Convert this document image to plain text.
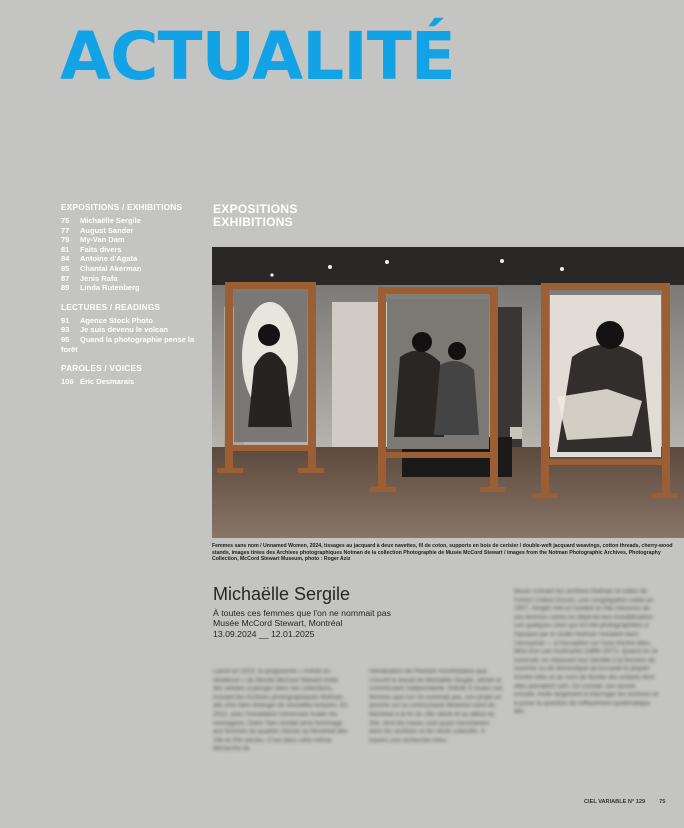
ACTUALITÉ
EXPOSITIONS / EXHIBITIONS
75 Michaëlle Sergile
77 August Sander
79 My-Van Dam
81 Faits divers
84 Antoine d'Agata
85 Chantal Akerman
87 Jenis Rafa
89 Linda Rutenberg
LECTURES / READINGS
91 Agence Stock Photo
93 Je suis devenu le volcan
95 Quand la photographie pense la forêt
PAROLES / VOICES
106 Éric Desmarais
EXPOSITIONS
EXHIBITIONS
Femmes sans nom / Unnamed Women, 2024, tissages au jacquard à deux navettes, fil de coton, supports en bois de cerisier / double-weft jacquard weavings, cotton threads, cherry-wood stands, images tirées des Archives photographiques Notman de la collection Photographie de Musée McCord Stewart / images from the Notman Photographic Archives, Photography Collection, McCord Stewart Museum, photo : Roger Aziz
Michaëlle Sergile
À toutes ces femmes que l'on ne nommait pas
Musée McCord Stewart, Montréal
13.09.2024 __ 12.01.2025
Lancé en 2013, le programme « Artiste en résidence » du Musée McCord Stewart invite des artistes à plonger dans ses collections, incluant les Archives photographiques Notman, afin d'en faire émerger de nouvelles lectures. En 2022, avec l'installation immersive Avaler les montagnes, Dawn Tam rendait ainsi hommage aux femmes du quartier chinois au Montréal des 19e et 20e siècles. C'est dans cette même démarche de
réévaluation de l'histoire montréalaise que s'inscrit le travail de Michaëlle Sergile, artiste et commissaire indépendante. Intitulé À toutes ces femmes que l'on ne nommait pas, son projet se penche sur la communauté féminine noire de Montréal à la fin du 19e siècle et au début du 20e, dont les traces sont quasi inexistantes dans les archives et les récits collectifs. À travers une recherche minu-
tieuse croisant les archives Notman et celles de l'Union United Church, une congrégation créée en 1907, Sergile met en lumière le rôle méconnu de ces femmes noires en dépit de leur invisibilisation. Les quelques unes qui ont été photographiées à l'époque par le studio Notman restaient dans l'anonymat — à l'exception sur l'une d'entre elles, Miss Ann Lee Guilmartin (1886-1977). Quand on se nommait, en réduisant leur identité à la fonction de nourrice ou de domestique qu'occupait la plupart d'entre elles et au nom de famille des enfants dont elles prenaient soin. Ce constat, son œuvre ensuite, invite largement à interroger les archives et à poser la question de l'effacement systématique des
CIEL VARIABLE N° 129	75
